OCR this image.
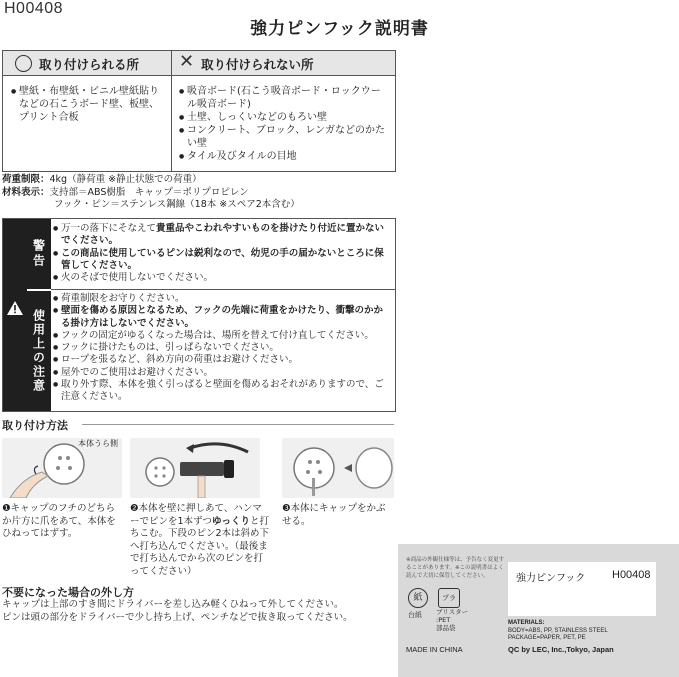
H00408
強力ピンフック説明書
取り付けられる所 ✕ 取り付けられない所
● 壁紙・布壁紙・ビニル壁紙貼りなどの石こうボード壁、板壁、プリント合板
● 吸音ボード(石こう吸音ボード・ロックウール吸音ボード)
● 土壁、しっくいなどのもろい壁
● コンクリート、ブロック、レンガなどのかたい壁
● タイル及びタイルの目地
荷重制限：4kg（静荷重 ※静止状態での荷重）
材料表示：支持部＝ABS樹脂　キャップ＝ポリプロピレン
フック・ピン＝ステンレス鋼線（18本 ※スペア2本含む）
警告
使用上の注意
● 万一の落下にそなえて貴重品やこわれやすいものを掛けたり付近に置かないでください。
● この商品に使用しているピンは鋭利なので、幼児の手の届かないところに保管してください。
● 火のそばで使用しないでください。
● 荷重制限をお守りください。
● 壁面を傷める原因となるため、フックの先端に荷重をかけたり、衝撃のかかる掛け方はしないでください。
● フックの固定がゆるくなった場合は、場所を替えて付け直してください。
● フックに掛けたものは、引っぱらないでください。
● ロープを張るなど、斜め方向の荷重はお避けください。
● 屋外でのご使用はお避けください。
● 取り外す際、本体を強く引っぱると壁面を傷めるおそれがありますので、ご注意ください。
取り付け方法
本体うら側
❶キャップのフチのどちらか片方に爪をあて、本体をひねってはずす。
❷本体を壁に押しあて、ハンマーでピンを1本ずつゆっくりと打ちこむ。下段のピン2本は斜め下へ打ち込んでください。（最後まで打ち込んでから次のピンを打ってください）
❸本体にキャップをかぶせる。
不要になった場合の外し方
キャップは上部のすき間にドライバーを差し込み軽くひねって外してください。
ピンは頭の部分をドライバーで少し持ち上げ、ペンチなどで抜き取ってください。
※商品の外観仕様等は、予告なく変更することがあります。※この説明書はよく読んで大切に保管してください。
紙
台紙
プラ
ブリスター
:PET
部品袋
強力ピンフック H00408
MATERIALS:
BODY=ABS, PP, STAINLESS STEEL
PACKAGE=PAPER, PET, PE
MADE IN CHINA	QC by LEC, Inc.,Tokyo, Japan
